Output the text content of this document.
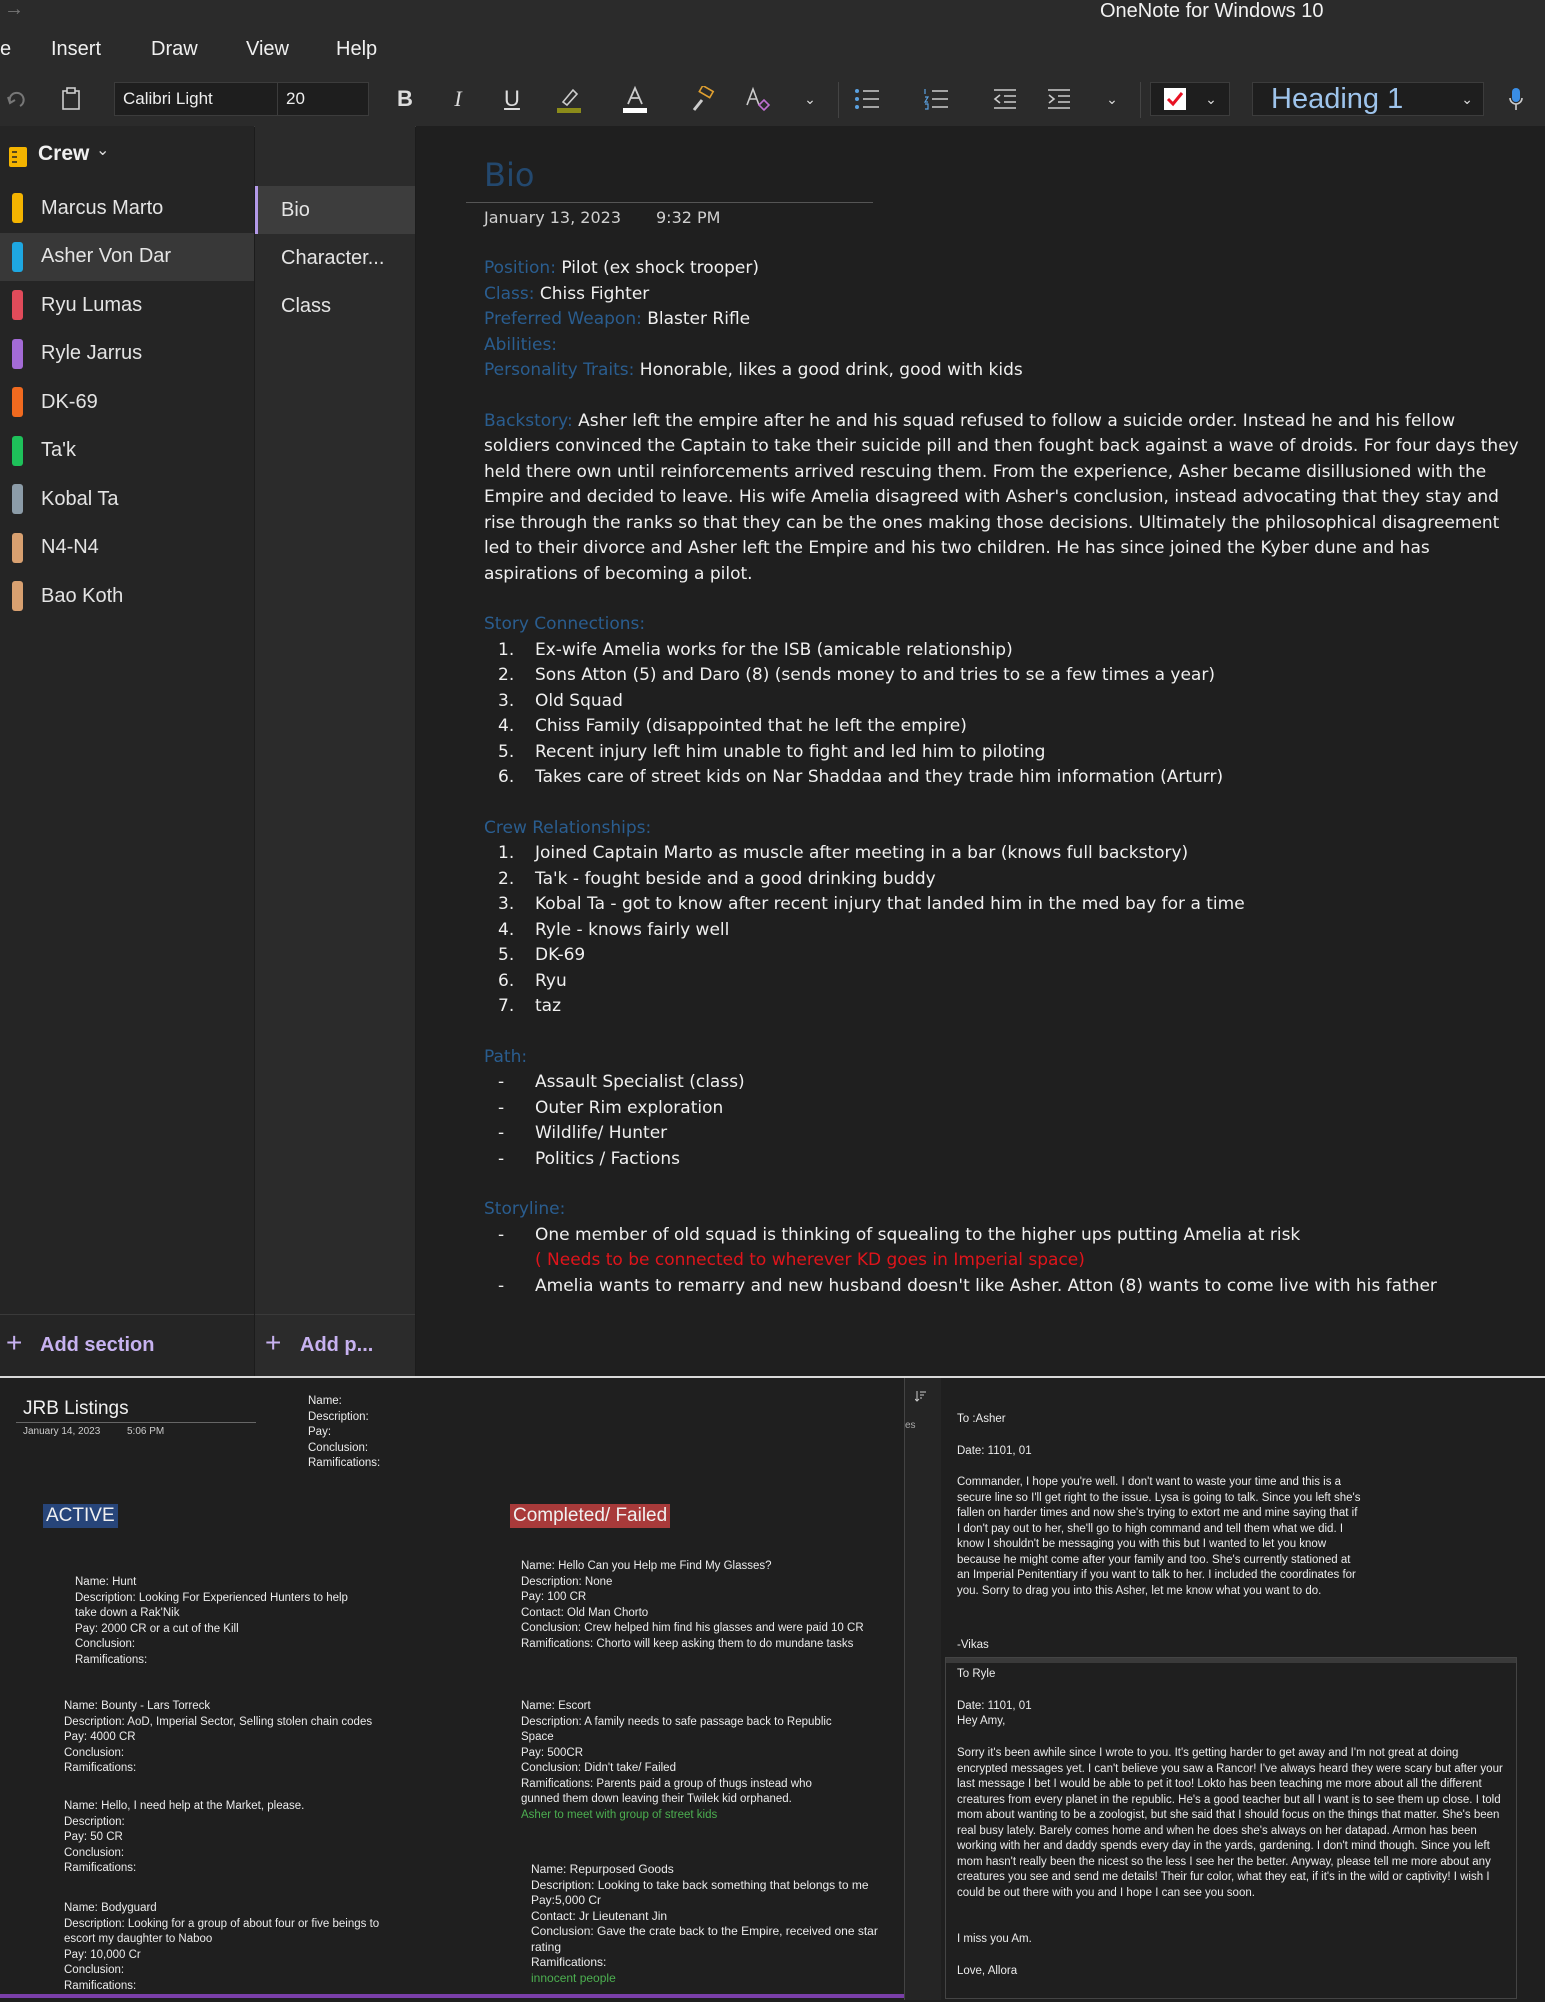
→	OneNote for Windows 10
e Insert Draw View Help
Calibri Light	20	B	I	U	⌄	⌄	⌄ Heading 1	⌄
Crew ⌄
Marcus Marto
Asher Von Dar
Ryu Lumas
Ryle Jarrus
DK-69
Ta'k
Kobal Ta
N4-N4
Bao Koth
+ Add section
Bio
Character...
Class
+ Add p...
Bio
January 13, 2023 9:32 PM
Position: Pilot (ex shock trooper)
Class: Chiss Fighter
Preferred Weapon: Blaster Rifle
Abilities:
Personality Traits: Honorable, likes a good drink, good with kids
Backstory: Asher left the empire after he and his squad refused to follow a suicide order. Instead he and his fellow soldiers convinced the Captain to take their suicide pill and then fought back against a wave of droids. For four days they held there own until reinforcements arrived rescuing them. From the experience, Asher became disillusioned with the Empire and decided to leave. His wife Amelia disagreed with Asher's conclusion, instead advocating that they stay and rise through the ranks so that they can be the ones making those decisions. Ultimately the philosophical disagreement led to their divorce and Asher left the Empire and his two children. He has since joined the Kyber dune and has aspirations of becoming a pilot.
Story Connections:
1. Ex-wife Amelia works for the ISB (amicable relationship)
2. Sons Atton (5) and Daro (8) (sends money to and tries to se a few times a year)
3. Old Squad
4. Chiss Family (disappointed that he left the empire)
5. Recent injury left him unable to fight and led him to piloting
6. Takes care of street kids on Nar Shaddaa and they trade him information (Arturr)
Crew Relationships:
1. Joined Captain Marto as muscle after meeting in a bar (knows full backstory)
2. Ta'k - fought beside and a good drinking buddy
3. Kobal Ta - got to know after recent injury that landed him in the med bay for a time
4. Ryle - knows fairly well
5. DK-69
6. Ryu
7. taz
Path:
- Assault Specialist (class)
- Outer Rim exploration
- Wildlife/ Hunter
- Politics / Factions
Storyline:
- One member of old squad is thinking of squealing to the higher ups putting Amelia at risk
( Needs to be connected to wherever KD goes in Imperial space)
- Amelia wants to remarry and new husband doesn't like Asher. Atton (8) wants to come live with his father
JRB Listings
January 14, 2023	5:06 PM
Name:
Description:
Pay:
Conclusion:
Ramifications:
ACTIVE	Completed/ Failed
Name: Hunt
Description: Looking For Experienced Hunters to help
take down a Rak'Nik
Pay: 2000 CR or a cut of the Kill
Conclusion:
Ramifications:
Name: Bounty - Lars Torreck
Description: AoD, Imperial Sector, Selling stolen chain codes
Pay: 4000 CR
Conclusion:
Ramifications:
Name: Hello, I need help at the Market, please.
Description:
Pay: 50 CR
Conclusion:
Ramifications:
Name: Bodyguard
Description: Looking for a group of about four or five beings to
escort my daughter to Naboo
Pay: 10,000 Cr
Conclusion:
Ramifications:
Name: Hello Can you Help me Find My Glasses?
Description: None
Pay: 100 CR
Contact: Old Man Chorto
Conclusion: Crew helped him find his glasses and were paid 10 CR
Ramifications: Chorto will keep asking them to do mundane tasks
Name: Escort
Description: A family needs to safe passage back to Republic
Space
Pay: 500CR
Conclusion: Didn't take/ Failed
Ramifications: Parents paid a group of thugs instead who
gunned them down leaving their Twilek kid orphaned.
Asher to meet with group of street kids
Name: Repurposed Goods
Description: Looking to take back something that belongs to me
Pay:5,000 Cr
Contact: Jr Lieutenant Jin
Conclusion: Gave the crate back to the Empire, received one star rating
Ramifications:
innocent people
es
To :Asher
Date: 1101, 01
Commander, I hope you're well. I don't want to waste your time and this is a secure line so I'll get right to the issue. Lysa is going to talk. Since you left she's fallen on harder times and now she's trying to extort me and mine saying that if I don't pay out to her, she'll go to high command and tell them what we did. I know I shouldn't be messaging you with this but I wanted to let you know because he might come after your family and too. She's currently stationed at an Imperial Penitentiary if you want to talk to her. I included the coordinates for you. Sorry to drag you into this Asher, let me know what you want to do.
-Vikas
To Ryle
Date: 1101, 01
Hey Amy,
Sorry it's been awhile since I wrote to you. It's getting harder to get away and I'm not great at doing encrypted messages yet. I can't believe you saw a Rancor! I've always heard they were scary but after your last message I bet I would be able to pet it too! Lokto has been teaching me more about all the different creatures from every planet in the republic. He's a good teacher but all I want is to see them up close. I told mom about wanting to be a zoologist, but she said that I should focus on the things that matter. She's been real busy lately. Barely comes home and when he does she's always on her datapad. Armon has been working with her and daddy spends every day in the yards, gardening. I don't mind though. Since you left mom hasn't really been the nicest so the less I see her the better. Anyway, please tell me more about any creatures you see and send me details! Their fur color, what they eat, if it's in the wild or captivity! I wish I could be out there with you and I hope I can see you soon.
I miss you Am.
Love, Allora
